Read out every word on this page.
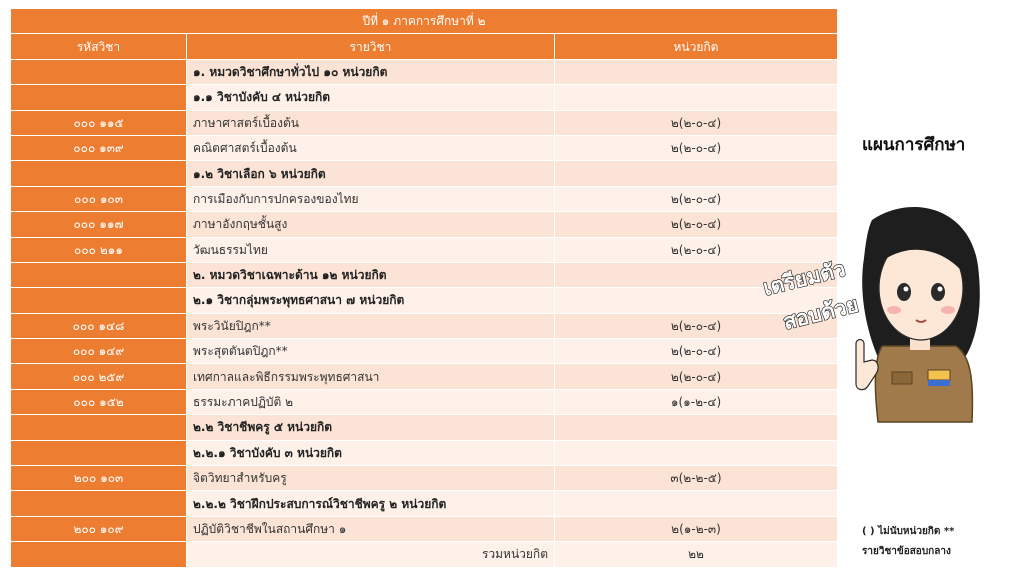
ปีที่ ๑ ภาคการศึกษาที่ ๒		
รหัสวิชา	รายวิชา	หน่วยกิต
	๑. หมวดวิชาศึกษาทั่วไป ๑๐ หน่วยกิต	
	๑.๑ วิชาบังคับ ๔ หน่วยกิต	
๐๐๐ ๑๑๕	ภาษาศาสตร์เบื้องต้น	๒(๒-๐-๔)
๐๐๐ ๑๓๙	คณิตศาสตร์เบื้องต้น	๒(๒-๐-๔)
	๑.๒ วิชาเลือก ๖ หน่วยกิต	
๐๐๐ ๑๐๓	การเมืองกับการปกครองของไทย	๒(๒-๐-๔)
๐๐๐ ๑๑๗	ภาษาอังกฤษชั้นสูง	๒(๒-๐-๔)
๐๐๐ ๒๑๑	วัฒนธรรมไทย	๒(๒-๐-๔)
	๒. หมวดวิชาเฉพาะด้าน ๑๒ หน่วยกิต	
	๒.๑ วิชากลุ่มพระพุทธศาสนา ๗ หน่วยกิต	
๐๐๐ ๑๔๘	พระวินัยปิฎก**	๒(๒-๐-๔)
๐๐๐ ๑๔๙	พระสุตตันตปิฎก**	๒(๒-๐-๔)
๐๐๐ ๒๕๙	เทศกาลและพิธีกรรมพระพุทธศาสนา	๒(๒-๐-๔)
๐๐๐ ๑๕๒	ธรรมะภาคปฏิบัติ ๒	๑(๑-๒-๔)
	๒.๒ วิชาชีพครู ๕ หน่วยกิต	
	๒.๒.๑ วิชาบังคับ ๓ หน่วยกิต	
๒๐๐ ๑๐๓	จิตวิทยาสำหรับครู	๓(๒-๒-๕)
	๒.๒.๒ วิชาฝึกประสบการณ์วิชาชีพครู ๒ หน่วยกิต	
๒๐๐ ๑๐๙	ปฏิบัติวิชาชีพในสถานศึกษา ๑	๒(๑-๒-๓)
	รวมหน่วยกิต	๒๒
แผนการศึกษา
เตรียมตัว
สอบด้วย
( ) ไม่นับหน่วยกิต **
รายวิชาข้อสอบกลาง
